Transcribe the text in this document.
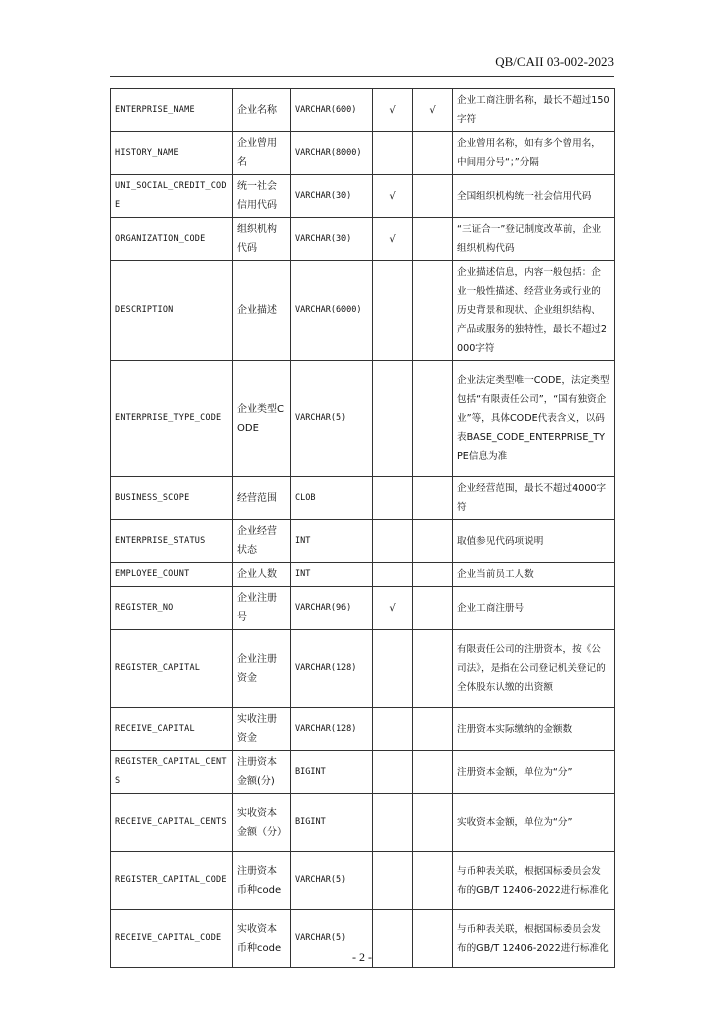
QB/CAII 03-002-2023
ENTERPRISE_NAME	企业名称	VARCHAR(600)	√	√	企业工商注册名称，最长不超过150字符
HISTORY_NAME	企业曾用名	VARCHAR(8000)			企业曾用名称，如有多个曾用名，中间用分号“；”分隔
UNI_SOCIAL_CREDIT_CODE	统一社会信用代码	VARCHAR(30)	√		全国组织机构统一社会信用代码
ORGANIZATION_CODE	组织机构代码	VARCHAR(30)	√		“三证合一”登记制度改革前，企业组织机构代码
DESCRIPTION	企业描述	VARCHAR(6000)			企业描述信息，内容一般包括：企业一般性描述、经营业务或行业的历史背景和现状、企业组织结构、产品或服务的独特性，最长不超过2000字符
ENTERPRISE_TYPE_CODE	企业类型CODE	VARCHAR(5)			企业法定类型唯一CODE，法定类型包括“有限责任公司”，“国有独资企业”等，具体CODE代表含义，以码表BASE_CODE_ENTERPRISE_TYPE信息为准
BUSINESS_SCOPE	经营范围	CLOB			企业经营范围，最长不超过4000字符
ENTERPRISE_STATUS	企业经营状态	INT			取值参见代码项说明
EMPLOYEE_COUNT	企业人数	INT			企业当前员工人数
REGISTER_NO	企业注册号	VARCHAR(96)	√		企业工商注册号
REGISTER_CAPITAL	企业注册资金	VARCHAR(128)			有限责任公司的注册资本，按《公司法》，是指在公司登记机关登记的全体股东认缴的出资额
RECEIVE_CAPITAL	实收注册资金	VARCHAR(128)			注册资本实际缴纳的金额数
REGISTER_CAPITAL_CENTS	注册资本金额(分)	BIGINT			注册资本金额，单位为“分”
RECEIVE_CAPITAL_CENTS	实收资本金额（分）	BIGINT			实收资本金额，单位为“分”
REGISTER_CAPITAL_CODE	注册资本币种code	VARCHAR(5)			与币种表关联，根据国标委员会发布的GB/T 12406-2022进行标准化
RECEIVE_CAPITAL_CODE	实收资本币种code	VARCHAR(5)			与币种表关联，根据国标委员会发布的GB/T 12406-2022进行标准化
- 2 -
